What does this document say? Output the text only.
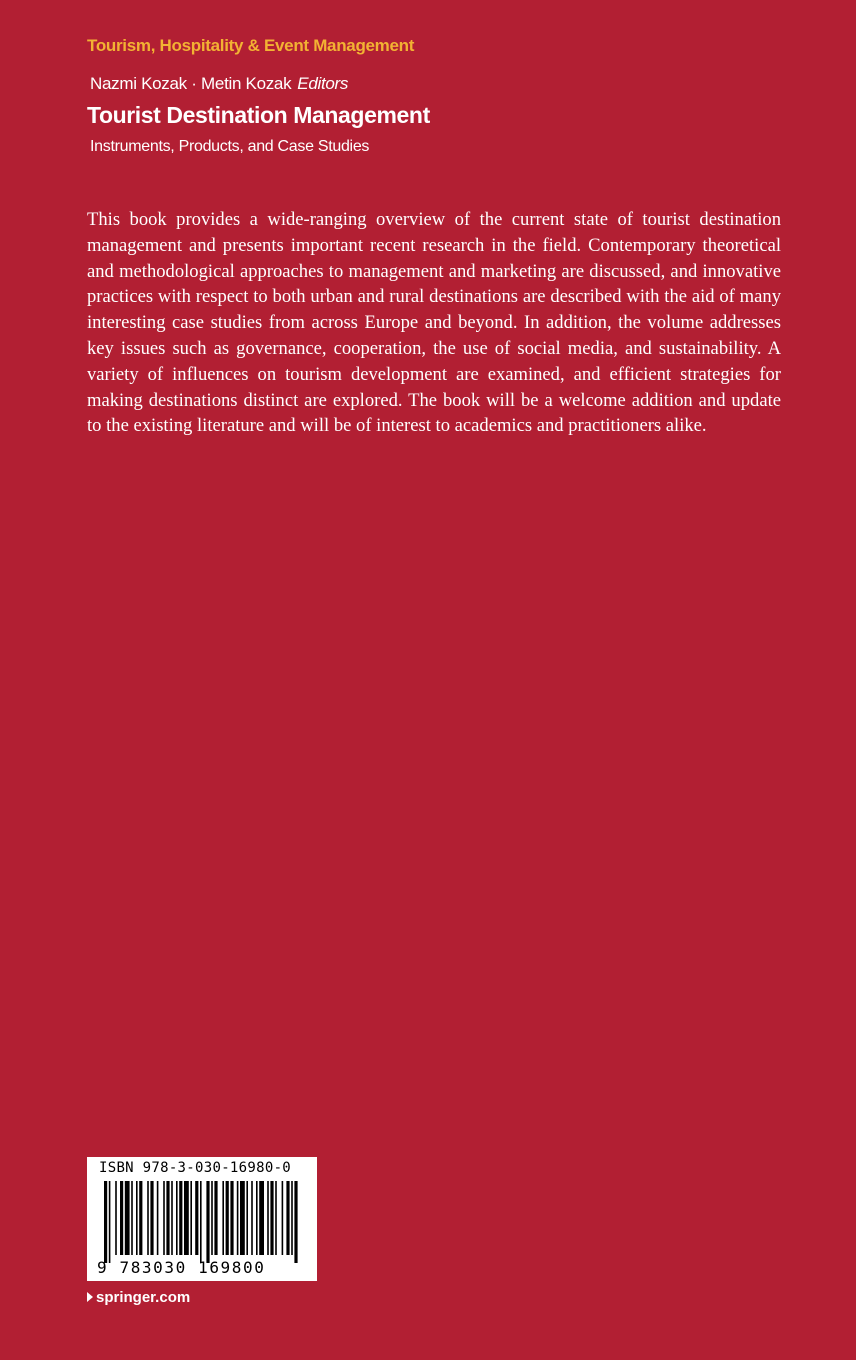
Tourism, Hospitality & Event Management
Nazmi Kozak · Metin Kozak Editors
Tourist Destination Management
Instruments, Products, and Case Studies

This book provides a wide-ranging overview of the current state of tourist destination management and presents important recent research in the field. Contemporary theoretical and methodological approaches to management and marketing are discussed, and innovative practices with respect to both urban and rural destinations are described with the aid of many interesting case studies from across Europe and beyond. In addition, the volume addresses key issues such as governance, cooperation, the use of social media, and sustainability. A variety of influences on tourism development are examined, and efficient strategies for making destinations distinct are explored. The book will be a welcome addition and update to the existing literature and will be of interest to academics and practitioners alike.

ISBN 978-3-030-16980-0
9 783030 169800
springer.com
